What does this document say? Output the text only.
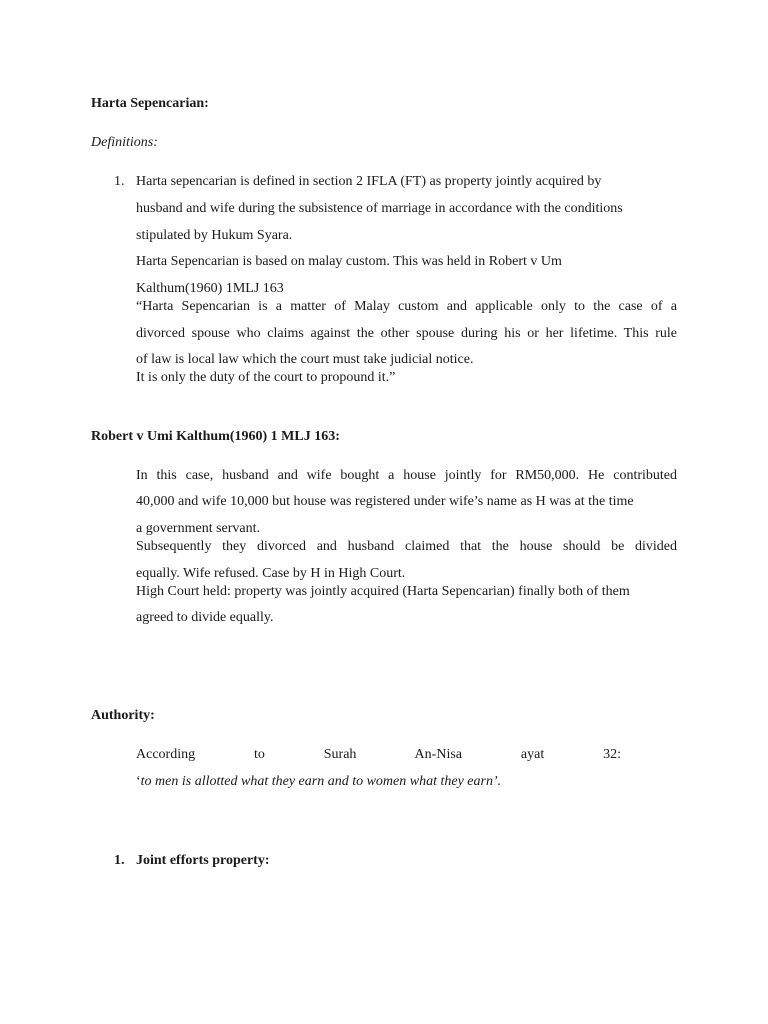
Harta Sepencarian:
Definitions:
1. Harta sepencarian is defined in section 2 IFLA (FT) as property jointly acquired by
husband and wife during the subsistence of marriage in accordance with the conditions
stipulated by Hukum Syara.
Harta Sepencarian is based on malay custom. This was held in Robert v Um
Kalthum(1960) 1MLJ 163
“Harta Sepencarian is a matter of Malay custom and applicable only to the case of a
divorced spouse who claims against the other spouse during his or her lifetime. This rule
of law is local law which the court must take judicial notice.
It is only the duty of the court to propound it.”
Robert v Umi Kalthum(1960) 1 MLJ 163:
In this case, husband and wife bought a house jointly for RM50,000. He contributed
40,000 and wife 10,000 but house was registered under wife’s name as H was at the time
a government servant.
Subsequently they divorced and husband claimed that the house should be divided
equally. Wife refused. Case by H in High Court.
High Court held: property was jointly acquired (Harta Sepencarian) finally both of them
agreed to divide equally.
Authority:
According to Surah An-Nisa ayat 32:
‘to men is allotted what they earn and to women what they earn’.
1. Joint efforts property:
